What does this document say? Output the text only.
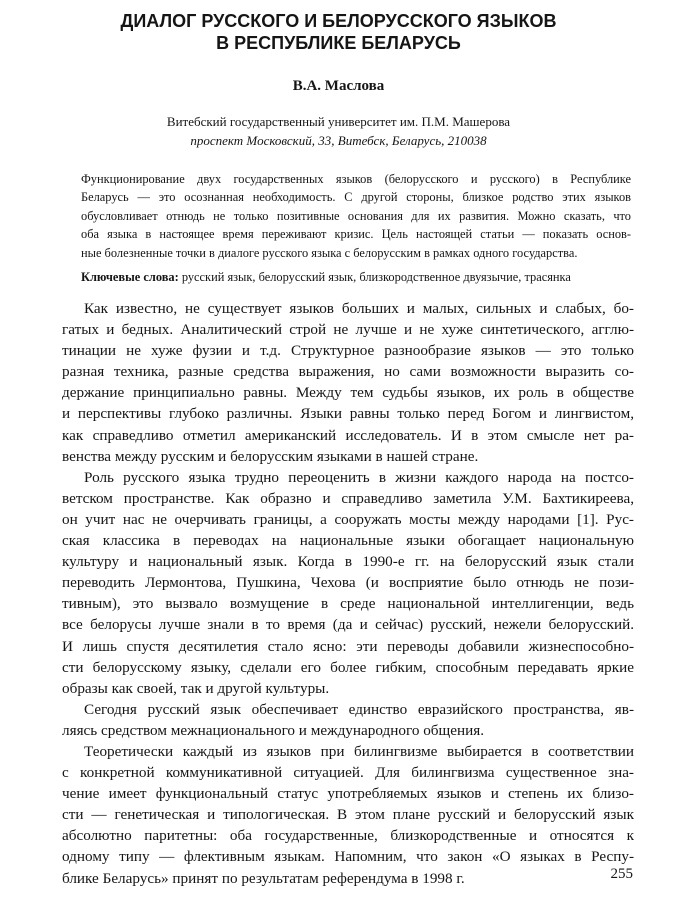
ДИАЛОГ РУССКОГО И БЕЛОРУССКОГО ЯЗЫКОВ
В РЕСПУБЛИКЕ БЕЛАРУСЬ
В.А. Маслова
Витебский государственный университет им. П.М. Машерова
проспект Московский, 33, Витебск, Беларусь, 210038

Функционирование двух государственных языков (белорусского и русского) в Республике
Беларусь — это осознанная необходимость. С другой стороны, близкое родство этих языков
обусловливает отнюдь не только позитивные основания для их развития. Можно сказать, что
оба языка в настоящее время переживают кризис. Цель настоящей статьи — показать основ-
ные болезненные точки в диалоге русского языка с белорусским в рамках одного государства.

Ключевые слова: русский язык, белорусский язык, близкородственное двуязычие, трасянка
Как известно, не существует языков больших и малых, сильных и слабых, бо-
гатых и бедных. Аналитический строй не лучше и не хуже синтетического, агглю-
тинации не хуже фузии и т.д. Структурное разнообразие языков — это только
разная техника, разные средства выражения, но сами возможности выразить со-
держание принципиально равны. Между тем судьбы языков, их роль в обществе
и перспективы глубоко различны. Языки равны только перед Богом и лингвистом,
как справедливо отметил американский исследователь. И в этом смысле нет ра-
венства между русским и белорусским языками в нашей стране.
Роль русского языка трудно переоценить в жизни каждого народа на постсо-
ветском пространстве. Как образно и справедливо заметила У.М. Бахтикиреева,
он учит нас не очерчивать границы, а сооружать мосты между народами [1]. Рус-
ская классика в переводах на национальные языки обогащает национальную
культуру и национальный язык. Когда в 1990-е гг. на белорусский язык стали
переводить Лермонтова, Пушкина, Чехова (и восприятие было отнюдь не пози-
тивным), это вызвало возмущение в среде национальной интеллигенции, ведь
все белорусы лучше знали в то время (да и сейчас) русский, нежели белорусский.
И лишь спустя десятилетия стало ясно: эти переводы добавили жизнеспособно-
сти белорусскому языку, сделали его более гибким, способным передавать яркие
образы как своей, так и другой культуры.
Сегодня русский язык обеспечивает единство евразийского пространства, яв-
ляясь средством межнационального и международного общения.
Теоретически каждый из языков при билингвизме выбирается в соответствии
с конкретной коммуникативной ситуацией. Для билингвизма существенное зна-
чение имеет функциональный статус употребляемых языков и степень их близо-
сти — генетическая и типологическая. В этом плане русский и белорусский язык
абсолютно паритетны: оба государственные, близкородственные и относятся к
одному типу — флективным языкам. Напомним, что закон «О языках в Респу-
блике Беларусь» принят по результатам референдума в 1998 г.	255
